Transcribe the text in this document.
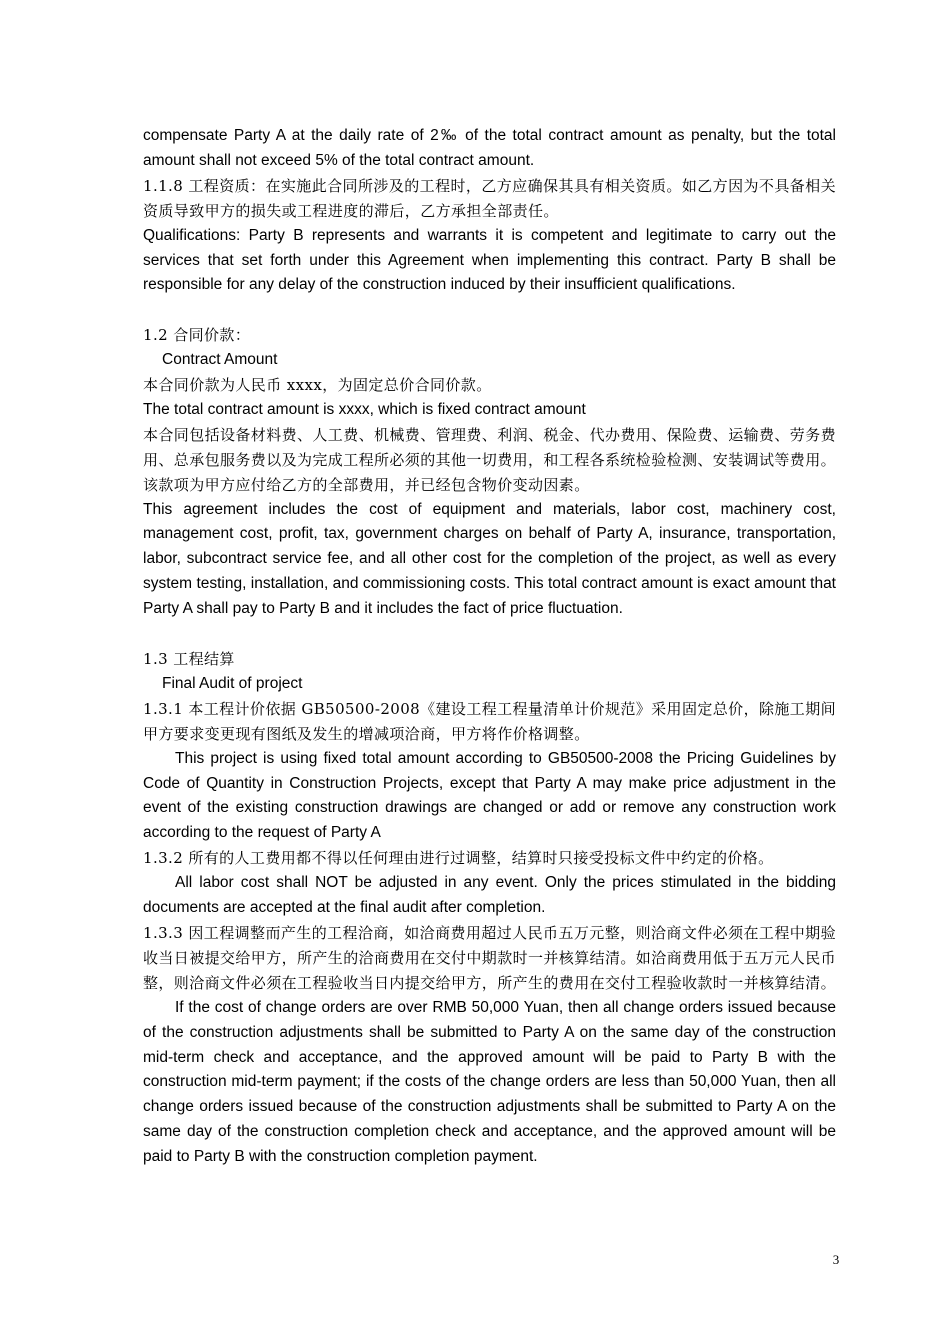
compensate Party A at the daily rate of 2‰ of the total contract amount as penalty, but the total amount shall not exceed 5% of the total contract amount.

1.1.8 工程资质：在实施此合同所涉及的工程时，乙方应确保其具有相关资质。如乙方因为不具备相关资质导致甲方的损失或工程进度的滞后，乙方承担全部责任。

Qualifications: Party B represents and warrants it is competent and legitimate to carry out the services that set forth under this Agreement when implementing this contract. Party B shall be responsible for any delay of the construction induced by their insufficient qualifications.

1.2 合同价款：

Contract Amount

本合同价款为人民币 xxxx，为固定总价合同价款。

The total contract amount is xxxx, which is fixed contract amount

本合同包括设备材料费、人工费、机械费、管理费、利润、税金、代办费用、保险费、运输费、劳务费用、总承包服务费以及为完成工程所必须的其他一切费用，和工程各系统检验检测、安装调试等费用。该款项为甲方应付给乙方的全部费用，并已经包含物价变动因素。

This agreement includes the cost of equipment and materials, labor cost, machinery cost, management cost, profit, tax, government charges on behalf of Party A, insurance, transportation, labor, subcontract service fee, and all other cost for the completion of the project, as well as every system testing, installation, and commissioning costs. This total contract amount is exact amount that Party A shall pay to Party B and it includes the fact of price fluctuation.

1.3 工程结算

Final Audit of project

1.3.1 本工程计价依据 GB50500-2008《建设工程工程量清单计价规范》采用固定总价，除施工期间甲方要求变更现有图纸及发生的增减项洽商，甲方将作价格调整。

This project is using fixed total amount according to GB50500-2008 the Pricing Guidelines by Code of Quantity in Construction Projects, except that Party A may make price adjustment in the event of the existing construction drawings are changed or add or remove any construction work according to the request of Party A

1.3.2 所有的人工费用都不得以任何理由进行过调整，结算时只接受投标文件中约定的价格。

All labor cost shall NOT be adjusted in any event. Only the prices stimulated in the bidding documents are accepted at the final audit after completion.

1.3.3 因工程调整而产生的工程洽商，如洽商费用超过人民币五万元整，则洽商文件必须在工程中期验收当日被提交给甲方，所产生的洽商费用在交付中期款时一并核算结清。如洽商费用低于五万元人民币整，则洽商文件必须在工程验收当日内提交给甲方，所产生的费用在交付工程验收款时一并核算结清。

If the cost of change orders are over RMB 50,000 Yuan, then all change orders issued because of the construction adjustments shall be submitted to Party A on the same day of the construction mid-term check and acceptance, and the approved amount will be paid to Party B with the construction mid-term payment; if the costs of the change orders are less than 50,000 Yuan, then all change orders issued because of the construction adjustments shall be submitted to Party A on the same day of the construction completion check and acceptance, and the approved amount will be paid to Party B with the construction completion payment.

3
